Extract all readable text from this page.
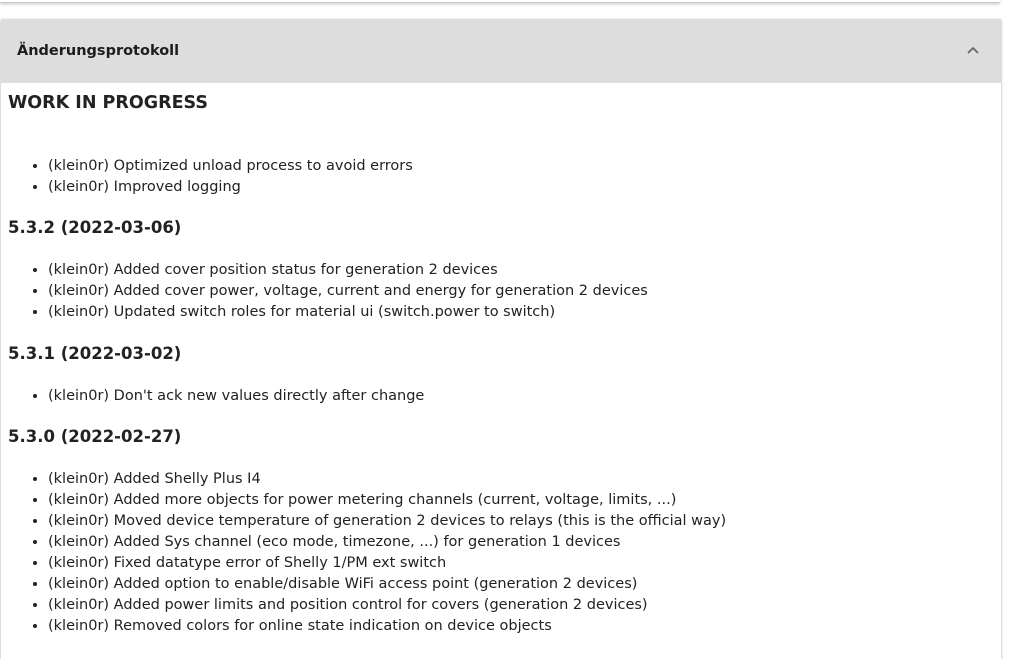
Änderungsprotokoll
WORK IN PROGRESS
• (klein0r) Optimized unload process to avoid errors
• (klein0r) Improved logging
5.3.2 (2022-03-06)
• (klein0r) Added cover position status for generation 2 devices
• (klein0r) Added cover power, voltage, current and energy for generation 2 devices
• (klein0r) Updated switch roles for material ui (switch.power to switch)
5.3.1 (2022-03-02)
• (klein0r) Don't ack new values directly after change
5.3.0 (2022-02-27)
• (klein0r) Added Shelly Plus I4
• (klein0r) Added more objects for power metering channels (current, voltage, limits, ...)
• (klein0r) Moved device temperature of generation 2 devices to relays (this is the official way)
• (klein0r) Added Sys channel (eco mode, timezone, ...) for generation 1 devices
• (klein0r) Fixed datatype error of Shelly 1/PM ext switch
• (klein0r) Added option to enable/disable WiFi access point (generation 2 devices)
• (klein0r) Added power limits and position control for covers (generation 2 devices)
• (klein0r) Removed colors for online state indication on device objects
